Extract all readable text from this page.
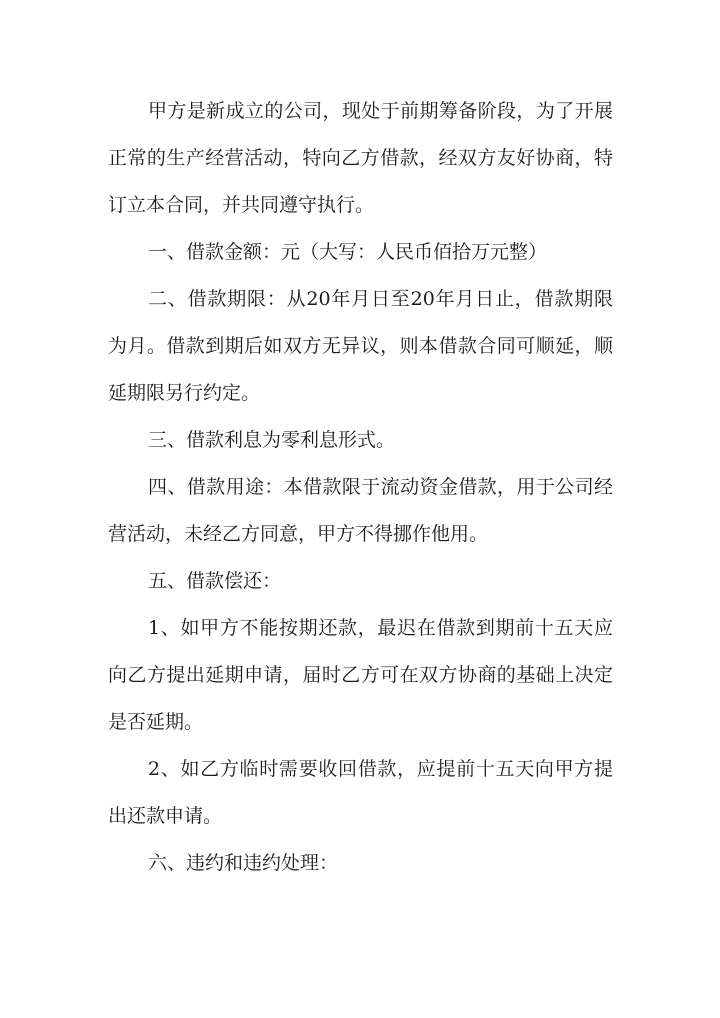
甲方是新成立的公司，现处于前期筹备阶段，为了开展正常的生产经营活动，特向乙方借款，经双方友好协商，特订立本合同，并共同遵守执行。

一、借款金额：元（大写：人民币佰拾万元整）

二、借款期限：从20年月日至20年月日止，借款期限为月。借款到期后如双方无异议，则本借款合同可顺延，顺延期限另行约定。

三、借款利息为零利息形式。

四、借款用途：本借款限于流动资金借款，用于公司经营活动，未经乙方同意，甲方不得挪作他用。

五、借款偿还：

1、如甲方不能按期还款，最迟在借款到期前十五天应向乙方提出延期申请，届时乙方可在双方协商的基础上决定是否延期。

2、如乙方临时需要收回借款，应提前十五天向甲方提出还款申请。

六、违约和违约处理：
